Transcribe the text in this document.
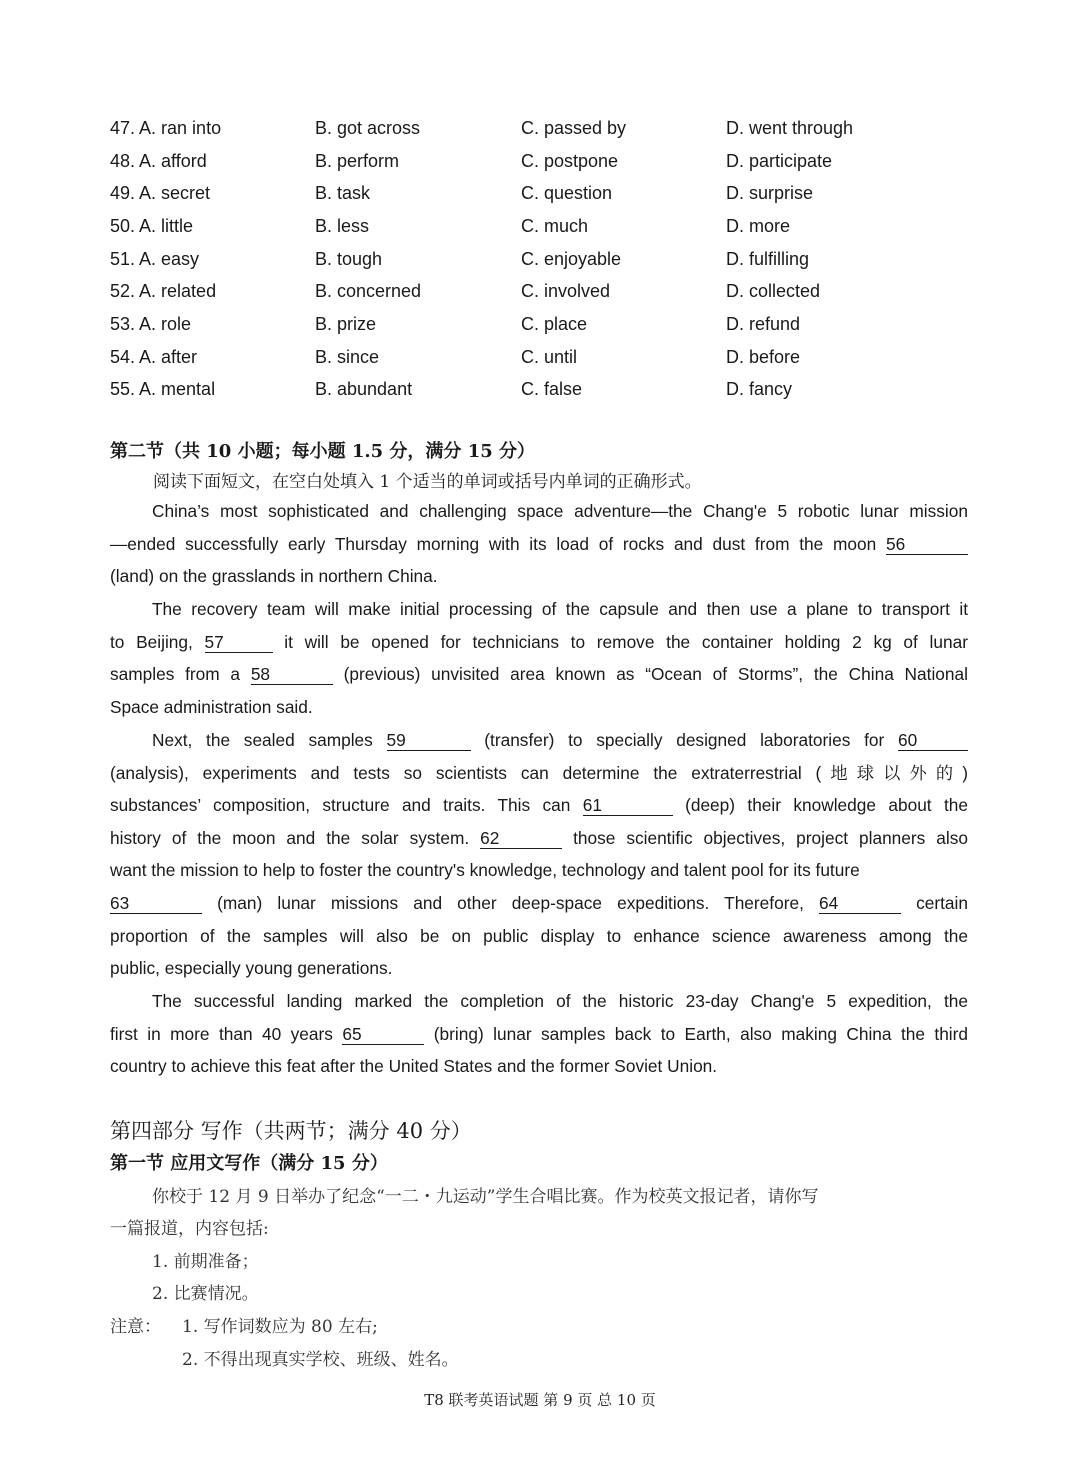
47. A. ran into	B. got across	C. passed by	D. went through
48. A. afford	B. perform	C. postpone	D. participate
49. A. secret	B. task	C. question	D. surprise
50. A. little	B. less	C. much	D. more
51. A. easy	B. tough	C. enjoyable	D. fulfilling
52. A. related	B. concerned	C. involved	D. collected
53. A. role	B. prize	C. place	D. refund
54. A. after	B. since	C. until	D. before
55. A. mental	B. abundant	C. false	D. fancy
第二节（共 10 小题；每小题 1.5 分，满分 15 分）
阅读下面短文，在空白处填入 1 个适当的单词或括号内单词的正确形式。
China’s most sophisticated and challenging space adventure—the Chang'e 5 robotic lunar mission
—ended successfully early Thursday morning with its load of rocks and dust from the moon 56
(land) on the grasslands in northern China.
The recovery team will make initial processing of the capsule and then use a plane to transport it
to Beijing, 57	it will be opened for technicians to remove the container holding 2 kg of lunar
samples from a 58	(previous) unvisited area known as “Ocean of Storms”, the China National
Space administration said.
Next, the sealed samples 59	(transfer) to specially designed laboratories for 60
(analysis), experiments and tests so scientists can determine the extraterrestrial (地球以外的)
substances’ composition, structure and traits. This can 61	(deep) their knowledge about the
history of the moon and the solar system. 62	those scientific objectives, project planners also
want the mission to help to foster the country's knowledge, technology and talent pool for its future
63	(man) lunar missions and other deep-space expeditions. Therefore, 64	certain
proportion of the samples will also be on public display to enhance science awareness among the
public, especially young generations.
The successful landing marked the completion of the historic 23-day Chang'e 5 expedition, the
first in more than 40 years 65	(bring) lunar samples back to Earth, also making China the third
country to achieve this feat after the United States and the former Soviet Union.
第四部分 写作（共两节；满分 40 分）
第一节 应用文写作（满分 15 分）
你校于 12 月 9 日举办了纪念“一二・九运动”学生合唱比赛。作为校英文报记者，请你写
一篇报道，内容包括:
1. 前期准备；
2. 比赛情况。
注意： 1. 写作词数应为 80 左右;
2. 不得出现真实学校、班级、姓名。
T8 联考英语试题 第 9 页 总 10 页
